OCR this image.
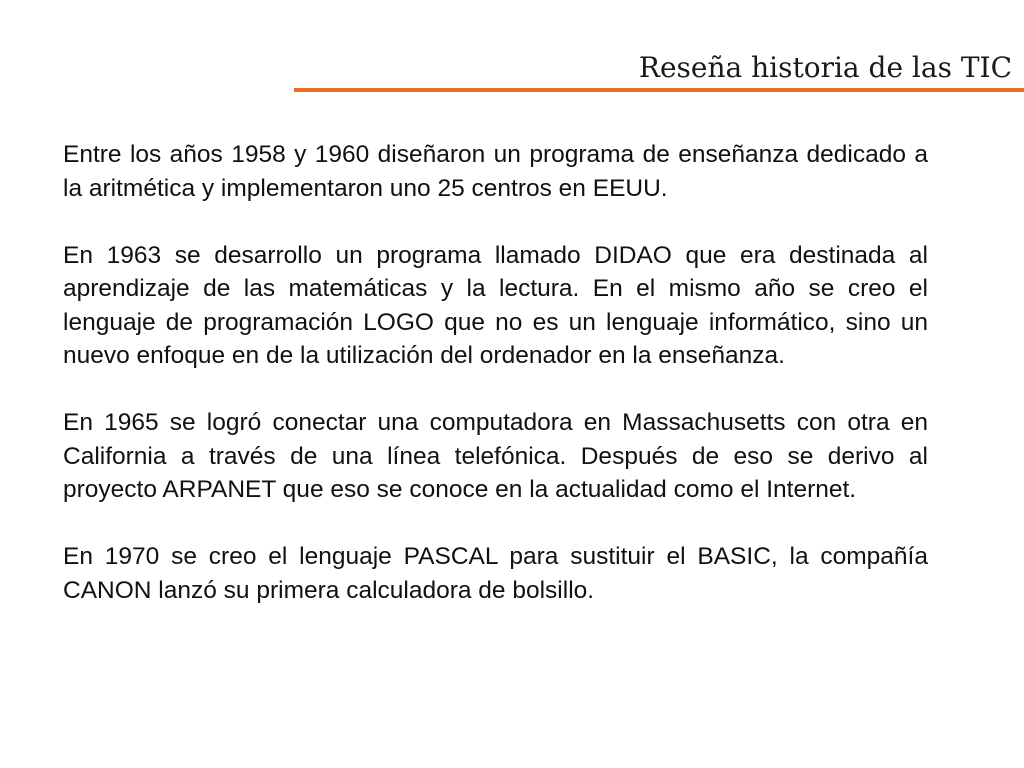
Reseña historia de las TIC

Entre los años 1958 y 1960 diseñaron un programa de enseñanza dedicado a la aritmética y implementaron uno 25 centros en EEUU.

En 1963 se desarrollo un programa llamado DIDAO que era destinada al aprendizaje de las matemáticas y la lectura. En el mismo año se creo el lenguaje de programación LOGO que no es un lenguaje informático, sino un nuevo enfoque en de la utilización del ordenador en la enseñanza.

En 1965 se logró conectar una computadora en Massachusetts con otra en California a través de una línea telefónica. Después de eso se derivo al proyecto ARPANET que eso se conoce en la actualidad como el Internet.

En 1970 se creo el lenguaje PASCAL para sustituir el BASIC, la compañía CANON lanzó su primera calculadora de bolsillo.
